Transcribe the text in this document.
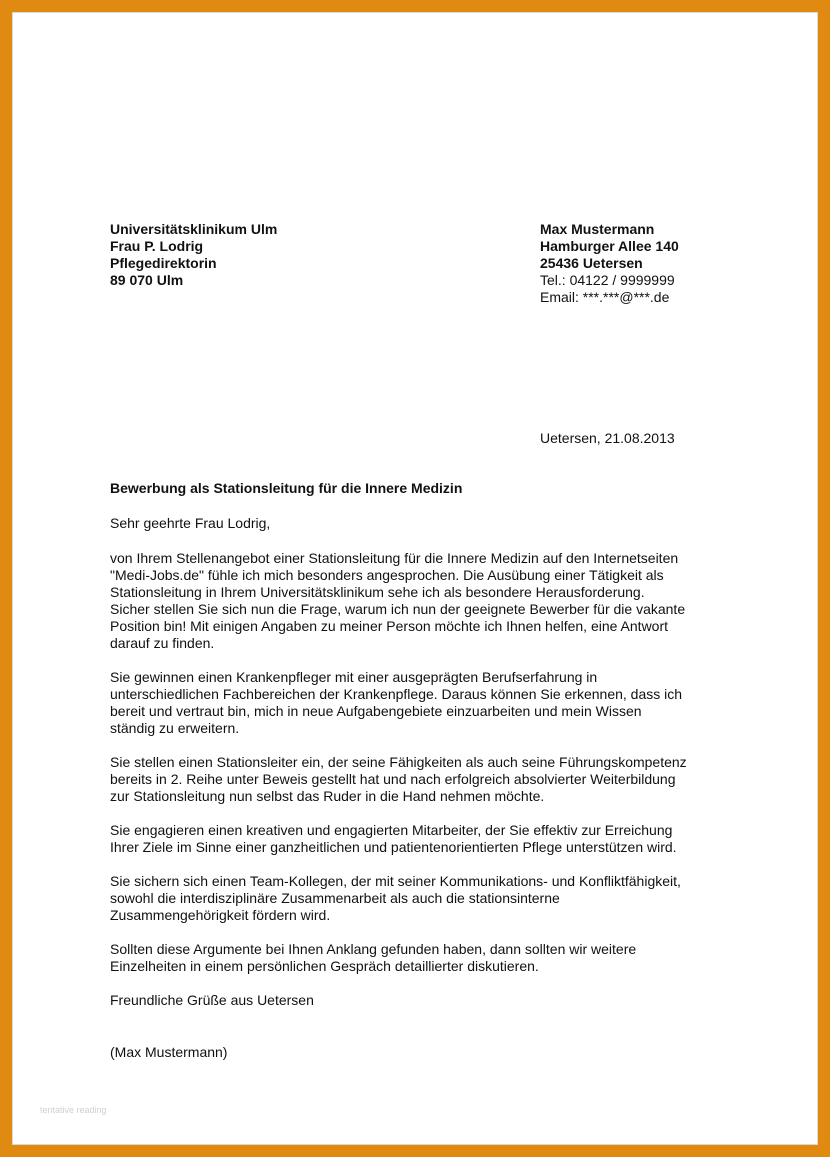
Universitätsklinikum Ulm
Frau P. Lodrig
Pflegedirektorin
89 070 Ulm
Max Mustermann
Hamburger Allee 140
25436 Uetersen
Tel.: 04122 / 9999999
Email: ***.***@***.de
Uetersen, 21.08.2013
Bewerbung als Stationsleitung für die Innere Medizin
Sehr geehrte Frau Lodrig,

von Ihrem Stellenangebot einer Stationsleitung für die Innere Medizin auf den Internetseiten
"Medi-Jobs.de" fühle ich mich besonders angesprochen. Die Ausübung einer Tätigkeit als
Stationsleitung in Ihrem Universitätsklinikum sehe ich als besondere Herausforderung.
Sicher stellen Sie sich nun die Frage, warum ich nun der geeignete Bewerber für die vakante
Position bin! Mit einigen Angaben zu meiner Person möchte ich Ihnen helfen, eine Antwort
darauf zu finden.

Sie gewinnen einen Krankenpfleger mit einer ausgeprägten Berufserfahrung in
unterschiedlichen Fachbereichen der Krankenpflege. Daraus können Sie erkennen, dass ich
bereit und vertraut bin, mich in neue Aufgabengebiete einzuarbeiten und mein Wissen
ständig zu erweitern.

Sie stellen einen Stationsleiter ein, der seine Fähigkeiten als auch seine Führungskompetenz
bereits in 2. Reihe unter Beweis gestellt hat und nach erfolgreich absolvierter Weiterbildung
zur Stationsleitung nun selbst das Ruder in die Hand nehmen möchte.

Sie engagieren einen kreativen und engagierten Mitarbeiter, der Sie effektiv zur Erreichung
Ihrer Ziele im Sinne einer ganzheitlichen und patientenorientierten Pflege unterstützen wird.

Sie sichern sich einen Team-Kollegen, der mit seiner Kommunikations- und Konfliktfähigkeit,
sowohl die interdisziplinäre Zusammenarbeit als auch die stationsinterne
Zusammengehörigkeit fördern wird.

Sollten diese Argumente bei Ihnen Anklang gefunden haben, dann sollten wir weitere
Einzelheiten in einem persönlichen Gespräch detaillierter diskutieren.

Freundliche Grüße aus Uetersen
(Max Mustermann)
tentative reading
